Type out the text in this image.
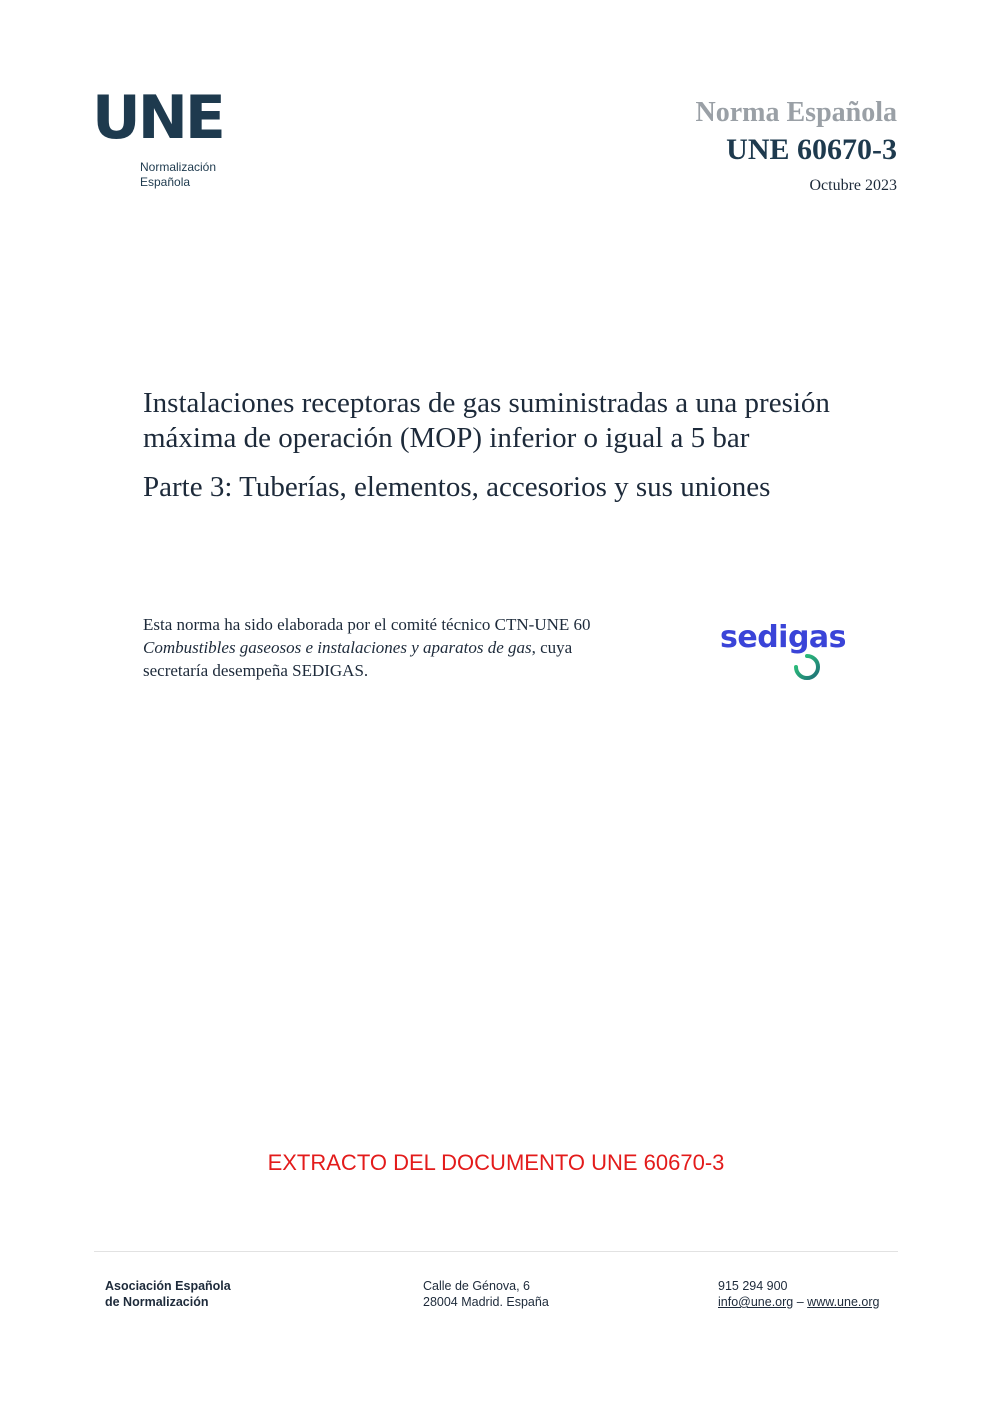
UNE
Normalización
Española
Norma Española
UNE 60670-3
Octubre 2023
Instalaciones receptoras de gas suministradas a una presión máxima de operación (MOP) inferior o igual a 5 bar
Parte 3: Tuberías, elementos, accesorios y sus uniones
Esta norma ha sido elaborada por el comité técnico CTN-UNE 60 Combustibles gaseosos e instalaciones y aparatos de gas, cuya secretaría desempeña SEDIGAS.
sedigas
EXTRACTO DEL DOCUMENTO UNE 60670-3
Asociación Española
de Normalización
Calle de Génova, 6
28004 Madrid. España
915 294 900
info@une.org – www.une.org
